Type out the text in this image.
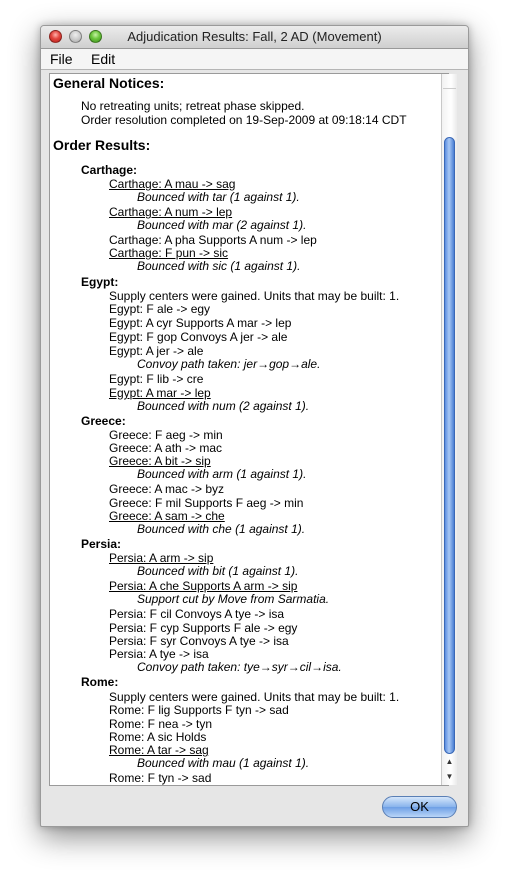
Adjudication Results: Fall, 2 AD (Movement)
File Edit
General Notices:
No retreating units; retreat phase skipped.
Order resolution completed on 19-Sep-2009 at 09:18:14 CDT
Order Results:
Carthage:
Carthage: A mau -> sag
Bounced with tar (1 against 1).
Carthage: A num -> lep
Bounced with mar (2 against 1).
Carthage: A pha Supports A num -> lep
Carthage: F pun -> sic
Bounced with sic (1 against 1).
Egypt:
Supply centers were gained. Units that may be built: 1.
Egypt: F ale -> egy
Egypt: A cyr Supports A mar -> lep
Egypt: F gop Convoys A jer -> ale
Egypt: A jer -> ale
Convoy path taken: jer→gop→ale.
Egypt: F lib -> cre
Egypt: A mar -> lep
Bounced with num (2 against 1).
Greece:
Greece: F aeg -> min
Greece: A ath -> mac
Greece: A bit -> sip
Bounced with arm (1 against 1).
Greece: A mac -> byz
Greece: F mil Supports F aeg -> min
Greece: A sam -> che
Bounced with che (1 against 1).
Persia:
Persia: A arm -> sip
Bounced with bit (1 against 1).
Persia: A che Supports A arm -> sip
Support cut by Move from Sarmatia.
Persia: F cil Convoys A tye -> isa
Persia: F cyp Supports F ale -> egy
Persia: F syr Convoys A tye -> isa
Persia: A tye -> isa
Convoy path taken: tye→syr→cil→isa.
Rome:
Supply centers were gained. Units that may be built: 1.
Rome: F lig Supports F tyn -> sad
Rome: F nea -> tyn
Rome: A sic Holds
Rome: A tar -> sag
Bounced with mau (1 against 1).
Rome: F tyn -> sad
▲
▼
OK
